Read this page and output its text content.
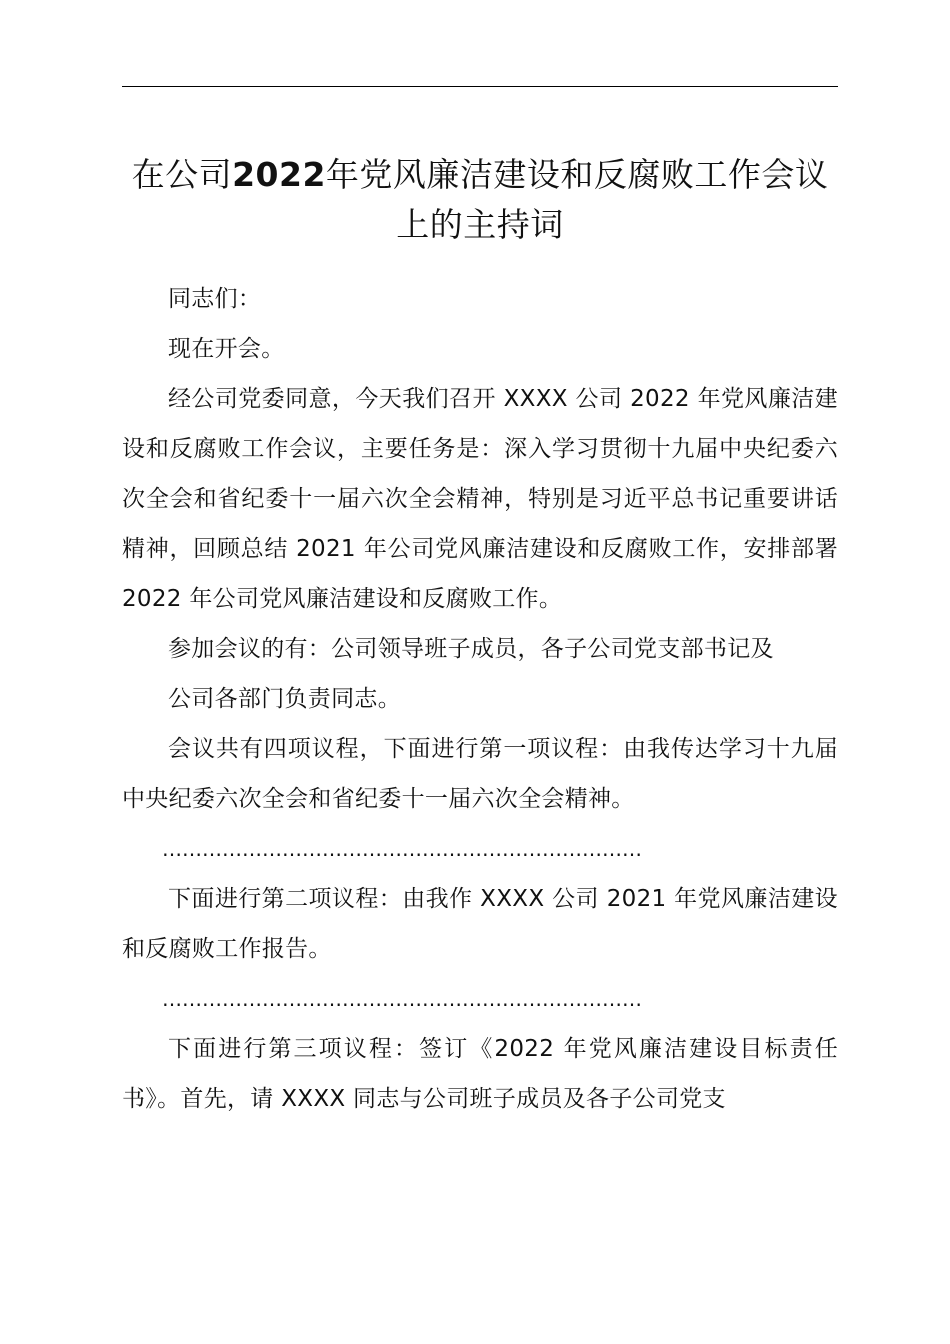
在公司2022年党风廉洁建设和反腐败工作会议上的主持词

同志们：

现在开会。

经公司党委同意，今天我们召开 XXXX 公司 2022 年党风廉洁建设和反腐败工作会议，主要任务是：深入学习贯彻十九届中央纪委六次全会和省纪委十一届六次全会精神，特别是习近平总书记重要讲话精神，回顾总结 2021 年公司党风廉洁建设和反腐败工作，安排部署 2022 年公司党风廉洁建设和反腐败工作。

参加会议的有：公司领导班子成员，各子公司党支部书记及

公司各部门负责同志。

会议共有四项议程，下面进行第一项议程：由我传达学习十九届中央纪委六次全会和省纪委十一届六次全会精神。

………………………………………………………………

下面进行第二项议程：由我作 XXXX 公司 2021 年党风廉洁建设和反腐败工作报告。

………………………………………………………………

下面进行第三项议程：签订《2022 年党风廉洁建设目标责任书》。首先，请 XXXX 同志与公司班子成员及各子公司党支
